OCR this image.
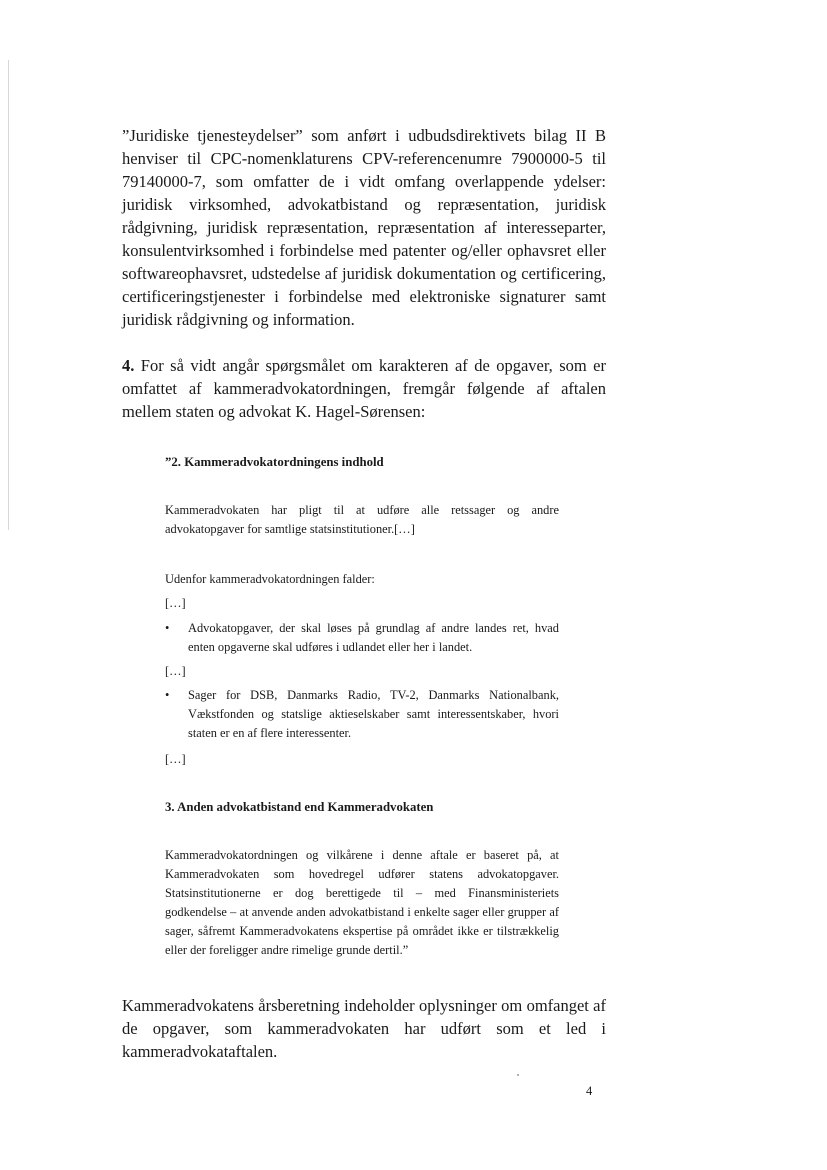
”Juridiske tjenesteydelser” som anført i udbudsdirektivets bilag II B henviser til CPC-nomenklaturens CPV-referencenumre 7900000-5 til 79140000-7, som omfatter de i vidt omfang overlappende ydelser: juridisk virksomhed, advokatbistand og repræsentation, juridisk rådgivning, juridisk repræsentation, repræsentation af interesseparter, konsulentvirksomhed i forbindelse med patenter og/eller ophavsret eller softwareophavsret, udstedelse af juridisk dokumentation og certificering, certificeringstjenester i forbindelse med elektroniske signaturer samt juridisk rådgivning og information.

4. For så vidt angår spørgsmålet om karakteren af de opgaver, som er omfattet af kammeradvokatordningen, fremgår følgende af aftalen mellem staten og advokat K. Hagel-Sørensen:

”2. Kammeradvokatordningens indhold

Kammeradvokaten har pligt til at udføre alle retssager og andre advokatopgaver for samtlige statsinstitutioner.[…]

Udenfor kammeradvokatordningen falder:

[…]

•	Advokatopgaver, der skal løses på grundlag af andre landes ret, hvad enten opgaverne skal udføres i udlandet eller her i landet.

[…]

•	Sager for DSB, Danmarks Radio, TV-2, Danmarks Nationalbank, Vækstfonden og statslige aktieselskaber samt interessentskaber, hvori staten er en af flere interessenter.

[…]

3. Anden advokatbistand end Kammeradvokaten

Kammeradvokatordningen og vilkårene i denne aftale er baseret på, at Kammeradvokaten som hovedregel udfører statens advokatopgaver. Statsinstitutionerne er dog berettigede til – med Finansministeriets godkendelse – at anvende anden advokatbistand i enkelte sager eller grupper af sager, såfremt Kammeradvokatens ekspertise på området ikke er tilstrækkelig eller der foreligger andre rimelige grunde dertil.”

Kammeradvokatens årsberetning indeholder oplysninger om omfanget af de opgaver, som kammeradvokaten har udført som et led i kammeradvokataftalen.

4
